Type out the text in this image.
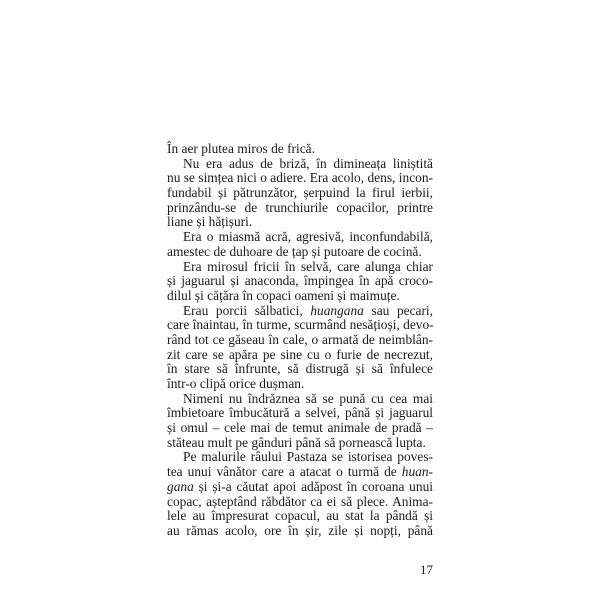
În aer plutea miros de frică.
Nu era adus de briză, în dimineața liniștită
nu se simțea nici o adiere. Era acolo, dens, incon-
fundabil și pătrunzător, șerpuind la firul ierbii,
prinzându-se de trunchiurile copacilor, printre
liane și hățișuri.
Era o miasmă acră, agresivă, inconfundabilă,
amestec de duhoare de țap și putoare de cocină.
Era mirosul fricii în selvă, care alunga chiar
și jaguarul și anaconda, împingea în apă croco-
dilul și cățăra în copaci oameni și maimuțe.
Erau porcii sălbatici, huangana sau pecari,
care înaintau, în turme, scurmând nesățioși, devo-
rând tot ce găseau în cale, o armată de neimblân-
zit care se apăra pe sine cu o furie de necrezut,
în stare să înfrunte, să distrugă și să înfulece
într-o clipă orice dușman.
Nimeni nu îndrăznea să se pună cu cea mai
îmbietoare îmbucătură a selvei, până și jaguarul
și omul – cele mai de temut animale de pradă –
stăteau mult pe gânduri până să pornească lupta.
Pe malurile râului Pastaza se istorisea poves-
tea unui vânător care a atacat o turmă de huan-
gana și și-a căutat apoi adăpost în coroana unui
copac, așteptând răbdător ca ei să plece. Anima-
lele au împresurat copacul, au stat la pândă și
au rămas acolo, ore în șir, zile și nopți, până
17
